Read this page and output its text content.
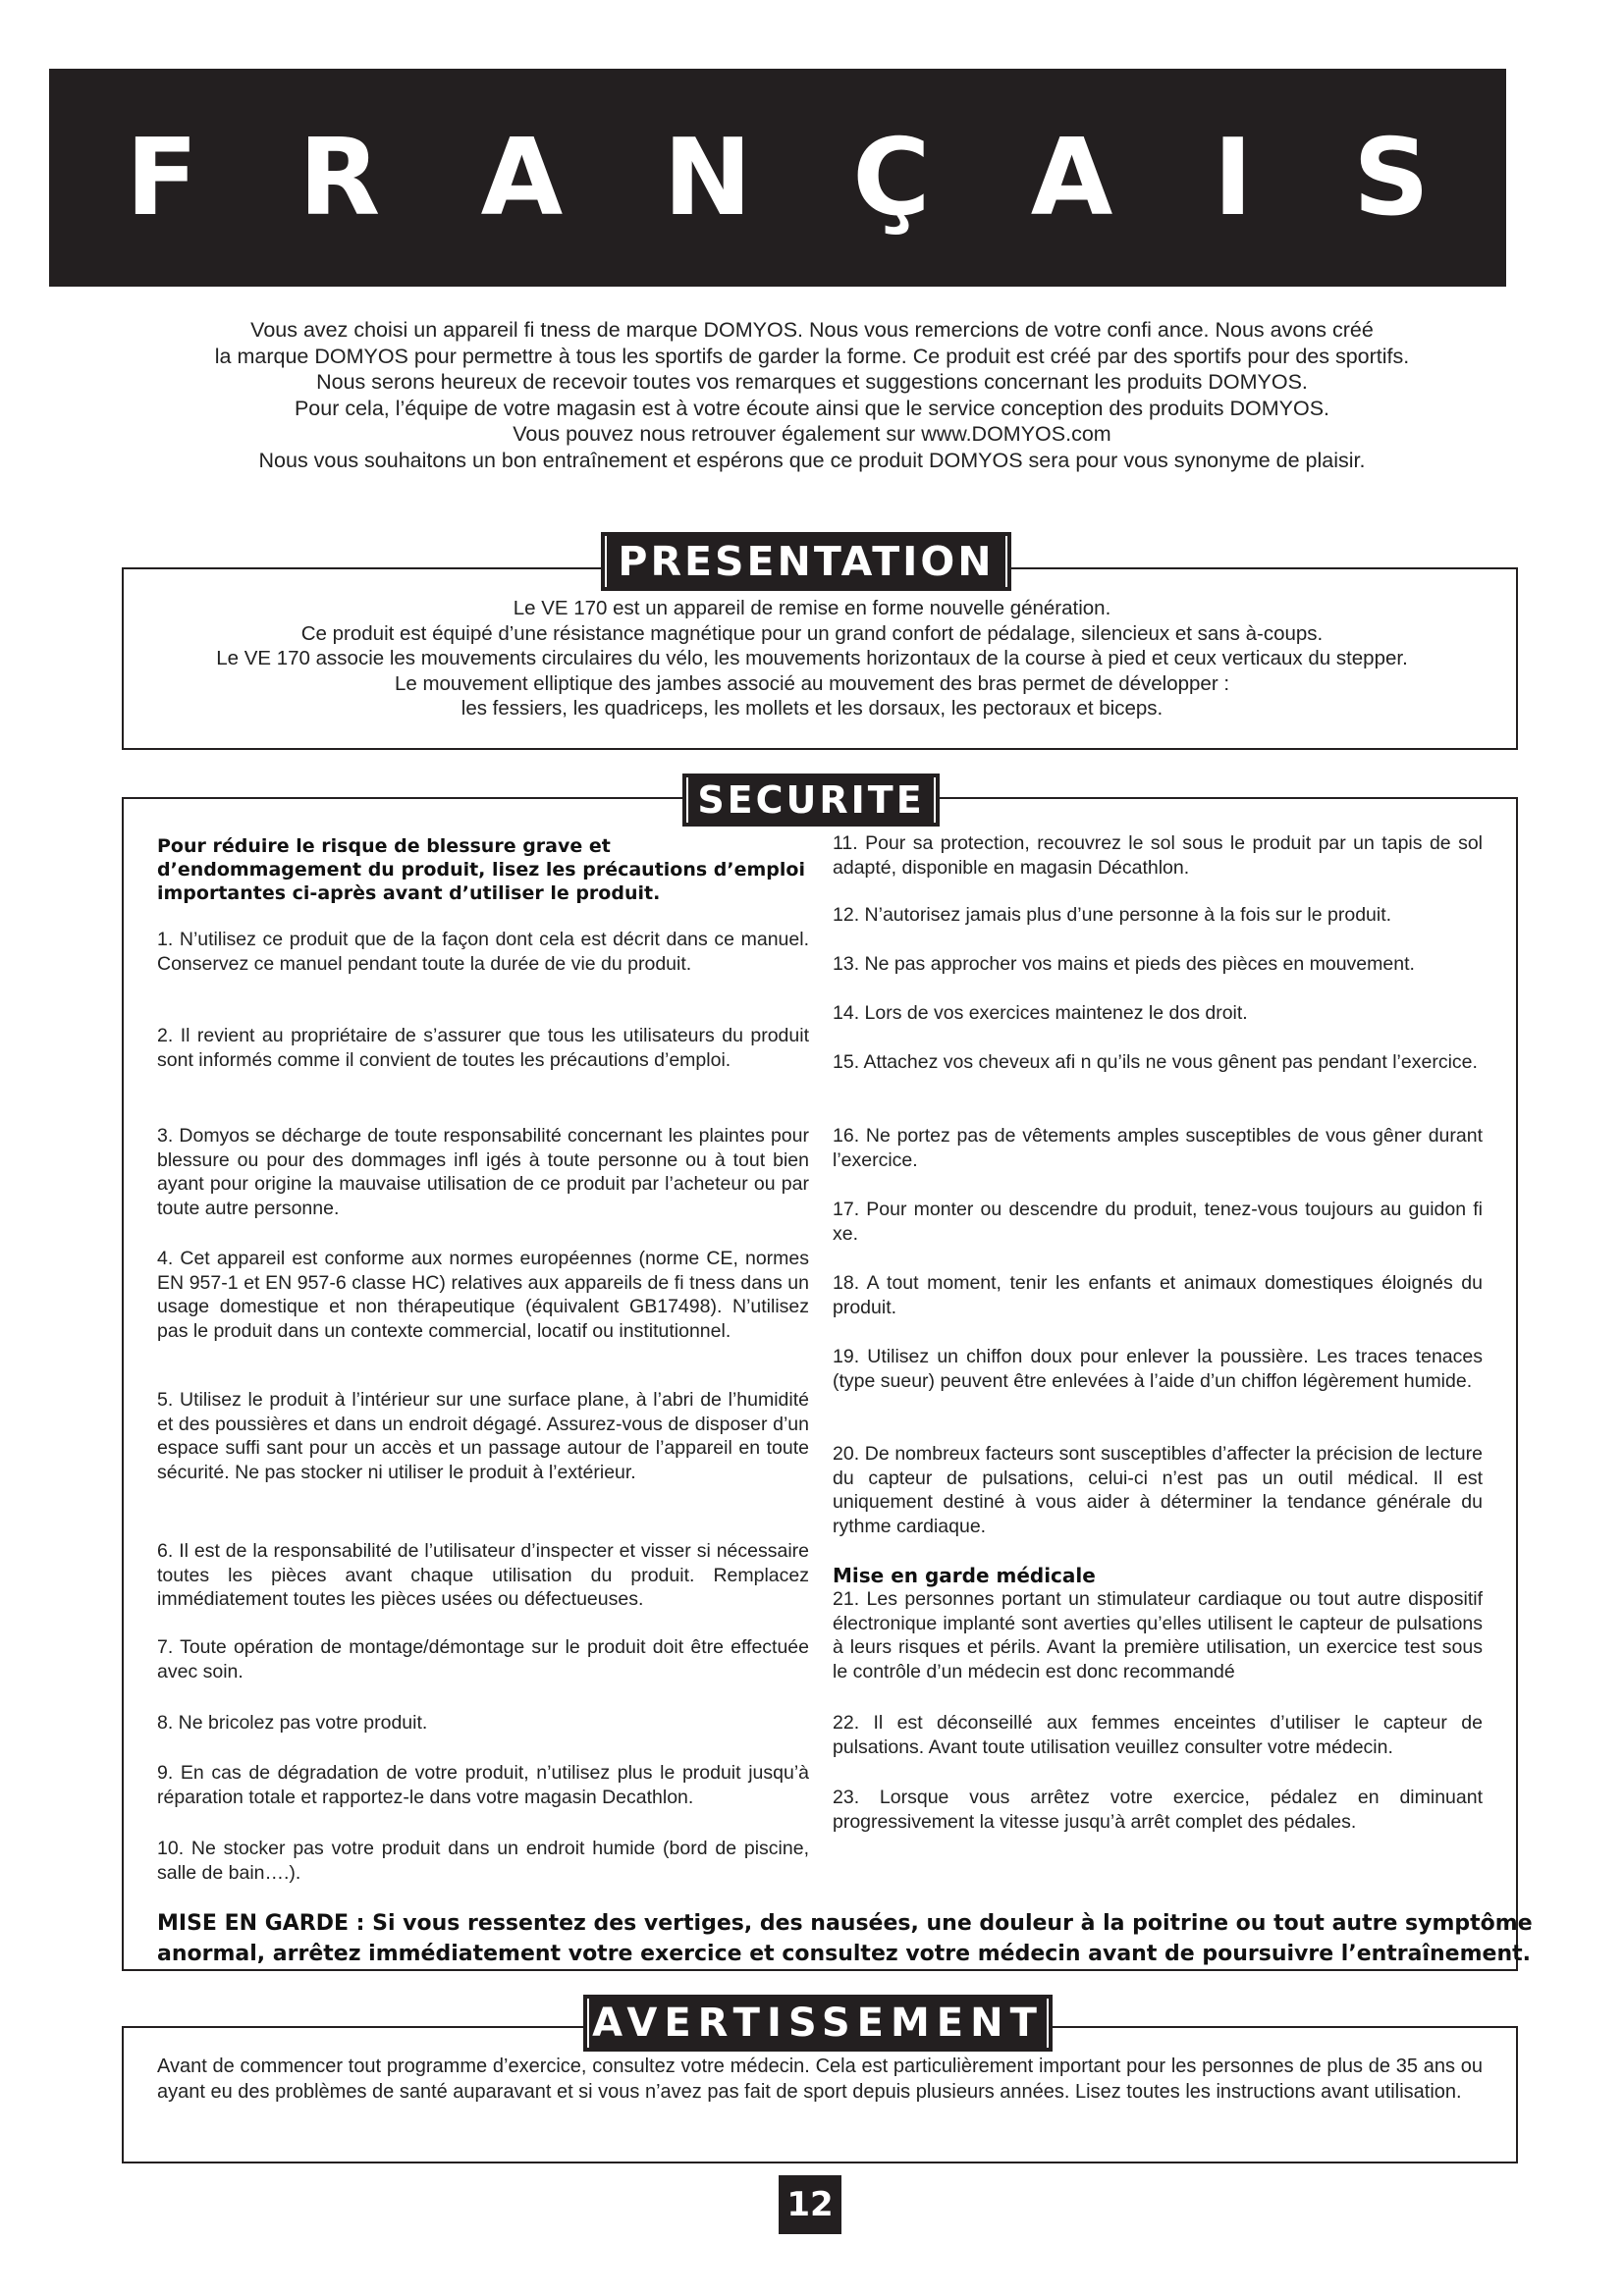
F R A N Ç A I S

Vous avez choisi un appareil fi tness de marque DOMYOS. Nous vous remercions de votre confi ance. Nous avons créé

la marque DOMYOS pour permettre à tous les sportifs de garder la forme. Ce produit est créé par des sportifs pour des sportifs.

Nous serons heureux de recevoir toutes vos remarques et suggestions concernant les produits DOMYOS.

Pour cela, l’équipe de votre magasin est à votre écoute ainsi que le service conception des produits DOMYOS.

Vous pouvez nous retrouver également sur www.DOMYOS.com

Nous vous souhaitons un bon entraînement et espérons que ce produit DOMYOS sera pour vous synonyme de plaisir.

PRESENTATION

Le VE 170 est un appareil de remise en forme nouvelle génération.

Ce produit est équipé d’une résistance magnétique pour un grand confort de pédalage, silencieux et sans à-coups.

Le VE 170 associe les mouvements circulaires du vélo, les mouvements horizontaux de la course à pied et ceux verticaux du stepper.

Le mouvement elliptique des jambes associé au mouvement des bras permet de développer :

les fessiers, les quadriceps, les mollets et les dorsaux, les pectoraux et biceps.

SECURITE
Pour réduire le risque de blessure grave et d’endommagement du produit, lisez les précautions d’emploi importantes ci-après avant d’utiliser le produit.

1. N’utilisez ce produit que de la façon dont cela est décrit dans ce manuel. Conservez ce manuel pendant toute la durée de vie du produit.

2. Il revient au propriétaire de s’assurer que tous les utilisateurs du produit sont informés comme il convient de toutes les précautions d’emploi.

3. Domyos se décharge de toute responsabilité concernant les plaintes pour blessure ou pour des dommages infl igés à toute personne ou à tout bien ayant pour origine la mauvaise utilisation de ce produit par l’acheteur ou par toute autre personne.

4. Cet appareil est conforme aux normes européennes (norme CE, normes EN 957-1 et EN 957-6 classe HC) relatives aux appareils de fi tness dans un usage domestique et non thérapeutique (équivalent GB17498). N’utilisez pas le produit dans un contexte commercial, locatif ou institutionnel.

5. Utilisez le produit à l’intérieur sur une surface plane, à l’abri de l’humidité et des poussières et dans un endroit dégagé. Assurez-vous de disposer d’un espace suffi sant pour un accès et un passage autour de l’appareil en toute sécurité. Ne pas stocker ni utiliser le produit à l’extérieur.

6. Il est de la responsabilité de l’utilisateur d’inspecter et visser si nécessaire toutes les pièces avant chaque utilisation du produit. Remplacez immédiatement toutes les pièces usées ou défectueuses.

7. Toute opération de montage/démontage sur le produit doit être effectuée avec soin.

8. Ne bricolez pas votre produit.

9. En cas de dégradation de votre produit, n’utilisez plus le produit jusqu’à réparation totale et rapportez-le dans votre magasin Decathlon.

10. Ne stocker pas votre produit dans un endroit humide (bord de piscine, salle de bain….).

11. Pour sa protection, recouvrez le sol sous le produit par un tapis de sol adapté, disponible en magasin Décathlon.

12. N’autorisez jamais plus d’une personne à la fois sur le produit.

13. Ne pas approcher vos mains et pieds des pièces en mouvement.

14. Lors de vos exercices maintenez le dos droit.

15. Attachez vos cheveux afi n qu’ils ne vous gênent pas pendant l’exercice.

16. Ne portez pas de vêtements amples susceptibles de vous gêner durant l’exercice.

17. Pour monter ou descendre du produit, tenez-vous toujours au guidon fi xe.

18. A tout moment, tenir les enfants et animaux domestiques éloignés du produit.

19. Utilisez un chiffon doux pour enlever la poussière. Les traces tenaces (type sueur) peuvent être enlevées à l’aide d’un chiffon légèrement humide.

20. De nombreux facteurs sont susceptibles d’affecter la précision de lecture du capteur de pulsations, celui-ci n’est pas un outil médical. Il est uniquement destiné à vous aider à déterminer la tendance générale du rythme cardiaque.

Mise en garde médicale

21. Les personnes portant un stimulateur cardiaque ou tout autre dispositif électronique implanté sont averties qu’elles utilisent le capteur de pulsations à leurs risques et périls. Avant la première utilisation, un exercice test sous le contrôle d’un médecin est donc recommandé

22. Il est déconseillé aux femmes enceintes d’utiliser le capteur de pulsations. Avant toute utilisation veuillez consulter votre médecin.

23. Lorsque vous arrêtez votre exercice, pédalez en diminuant progressivement la vitesse jusqu’à arrêt complet des pédales.

MISE EN GARDE : Si vous ressentez des vertiges, des nausées, une douleur à la poitrine ou tout autre symptôme
anormal, arrêtez immédiatement votre exercice et consultez votre médecin avant de poursuivre l’entraînement.
AVERTISSEMENT
Avant de commencer tout programme d’exercice, consultez votre médecin. Cela est particulièrement important pour les personnes de plus de 35 ans ou ayant eu des problèmes de santé auparavant et si vous n’avez pas fait de sport depuis plusieurs années. Lisez toutes les instructions avant utilisation.
12
